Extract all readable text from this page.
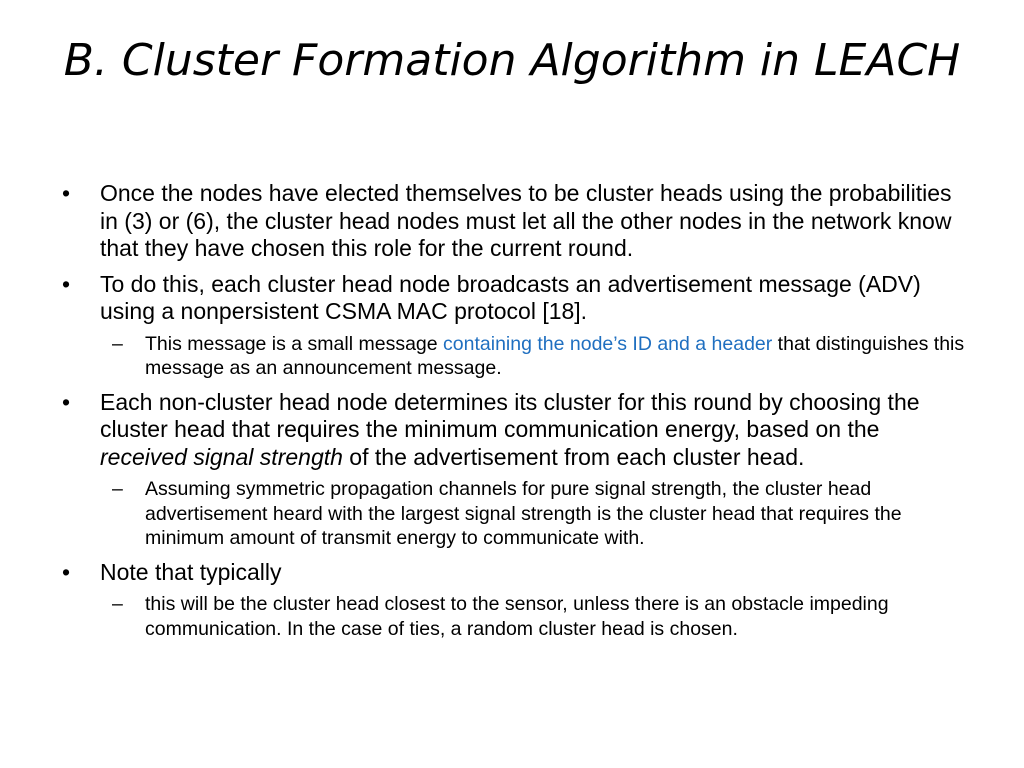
B. Cluster Formation Algorithm in LEACH
•	Once the nodes have elected themselves to be cluster heads using the probabilities in (3) or (6), the cluster head nodes must let all the other nodes in the network know that they have chosen this role for the current round.
•	To do this, each cluster head node broadcasts an advertisement message (ADV) using a nonpersistent CSMA MAC protocol [18].
– This message is a small message containing the node’s ID and a header that distinguishes this message as an announcement message.
•	Each non-cluster head node determines its cluster for this round by choosing the cluster head that requires the minimum communication energy, based on the received signal strength of the advertisement from each cluster head.
– Assuming symmetric propagation channels for pure signal strength, the cluster head advertisement heard with the largest signal strength is the cluster head that requires the minimum amount of transmit energy to communicate with.
•	Note that typically
– this will be the cluster head closest to the sensor, unless there is an obstacle impeding communication. In the case of ties, a random cluster head is chosen.
